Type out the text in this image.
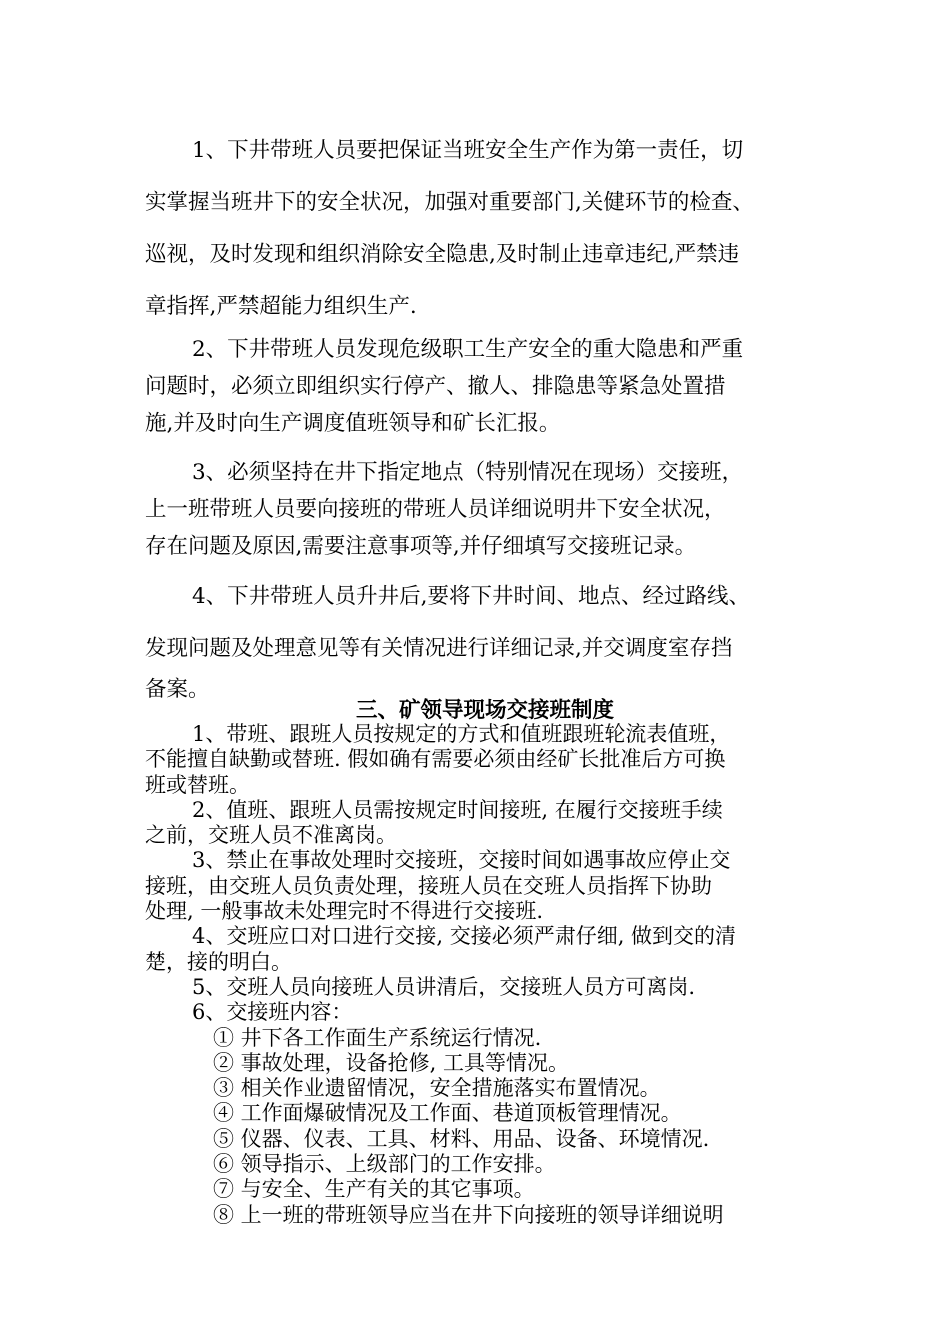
1、下井带班人员要把保证当班安全生产作为第一责任，切
实掌握当班井下的安全状况，加强对重要部门,关健环节的检查、
巡视，及时发现和组织消除安全隐患,及时制止违章违纪,严禁违
章指挥,严禁超能力组织生产.
2、下井带班人员发现危级职工生产安全的重大隐患和严重
问题时，必须立即组织实行停产、撤人、排隐患等紧急处置措
施,并及时向生产调度值班领导和矿长汇报。
3、必须坚持在井下指定地点（特别情况在现场）交接班，
上一班带班人员要向接班的带班人员详细说明井下安全状况，
存在问题及原因,需要注意事项等,并仔细填写交接班记录。
4、下井带班人员升井后,要将下井时间、地点、经过路线、
发现问题及处理意见等有关情况进行详细记录,并交调度室存挡
备案。
三、矿领导现场交接班制度
1、带班、跟班人员按规定的方式和值班跟班轮流表值班，
不能擅自缺勤或替班. 假如确有需要必须由经矿长批准后方可换
班或替班。
2、值班、跟班人员需按规定时间接班, 在履行交接班手续
之前，交班人员不准离岗。
3、禁止在事故处理时交接班，交接时间如遇事故应停止交
接班，由交班人员负责处理，接班人员在交班人员指挥下协助
处理, 一般事故未处理完时不得进行交接班.
4、交班应口对口进行交接, 交接必须严肃仔细, 做到交的清
楚，接的明白。
5、交班人员向接班人员讲清后，交接班人员方可离岗.
6、交接班内容：
① 井下各工作面生产系统运行情况.
② 事故处理，设备抢修, 工具等情况。
③ 相关作业遗留情况，安全措施落实布置情况。
④ 工作面爆破情况及工作面、巷道顶板管理情况。
⑤ 仪器、仪表、工具、材料、用品、设备、环境情况.
⑥ 领导指示、上级部门的工作安排。
⑦ 与安全、生产有关的其它事项。
⑧ 上一班的带班领导应当在井下向接班的领导详细说明
